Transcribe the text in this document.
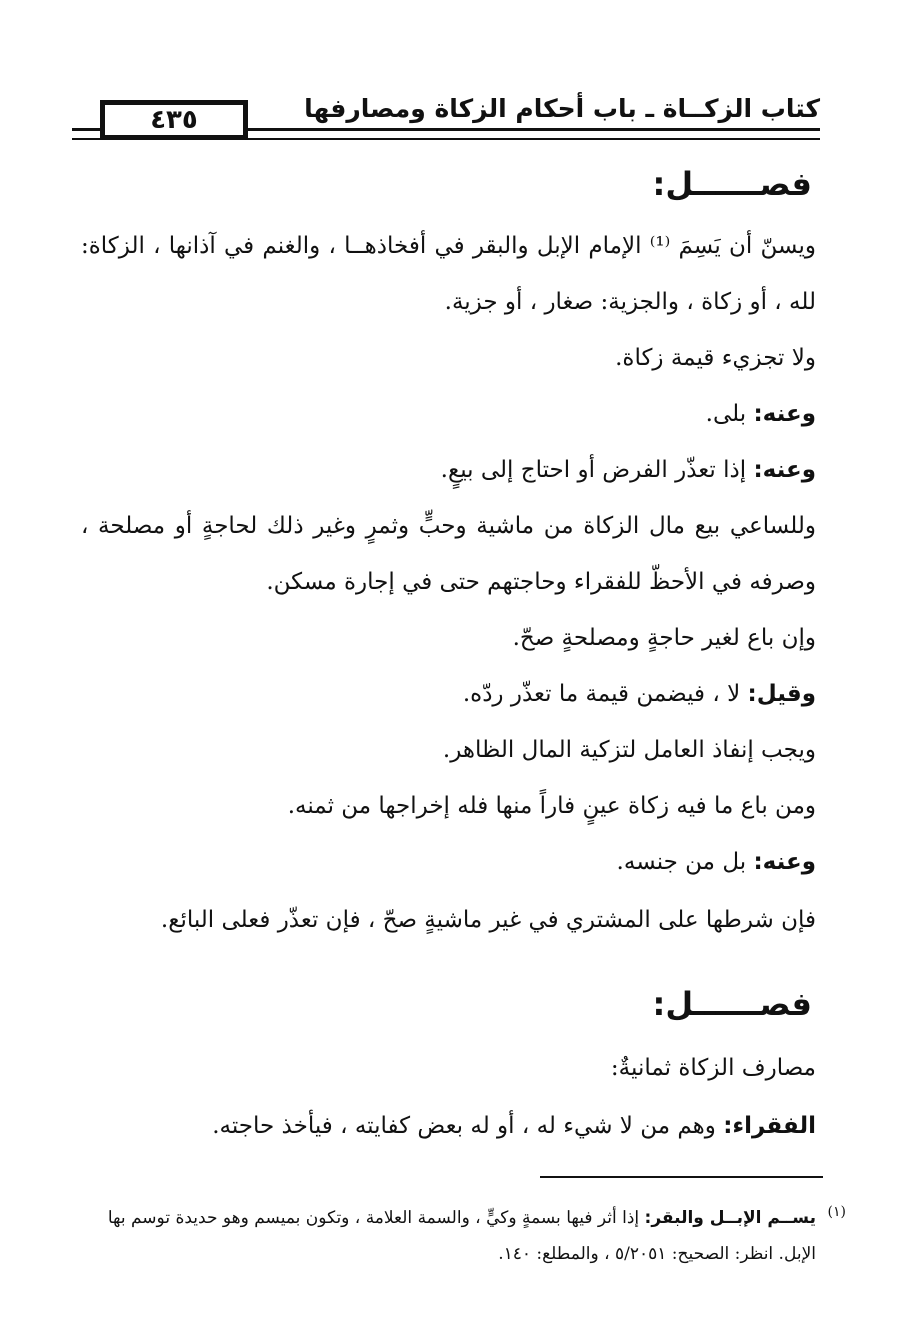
٤٣٥	كتاب الزكــاة ـ باب أحكام الزكاة ومصارفها
فصــــــل:
ويسنّ أن يَسِمَ ⁽¹⁾ الإمام الإبل والبقر في أفخاذهــا ، والغنم في آذانها ، الزكاة: لله ، أو زكاة ، والجزية: صغار ، أو جزية.
ولا تجزيء قيمة زكاة.
وعنه: بلى.
وعنه: إذا تعذّر الفرض أو احتاج إلى بيعٍ.
وللساعي بيع مال الزكاة من ماشية وحبٍّ وثمرٍ وغير ذلك لحاجةٍ أو مصلحة ، وصرفه في الأحظّ للفقراء وحاجتهم حتى في إجارة مسكن.
وإن باع لغير حاجةٍ ومصلحةٍ صحّ.
وقيل: لا ، فيضمن قيمة ما تعذّر ردّه.
ويجب إنفاذ العامل لتزكية المال الظاهر.
ومن باع ما فيه زكاة عينٍ فاراً منها فله إخراجها من ثمنه.
وعنه: بل من جنسه.
فإن شرطها على المشتري في غير ماشيةٍ صحّ ، فإن تعذّر فعلى البائع.
فصــــــل:
مصارف الزكاة ثمانيةٌ:
الفقراء: وهم من لا شيء له ، أو له بعض كفايته ، فيأخذ حاجته.
(١)
يســم الإبــل والبقر: إذا أثر فيها بسمةٍ وكيٍّ ، والسمة العلامة ، وتكون بميسم وهو حديدة توسم بها الإبل. انظر: الصحيح: ٥/٢٠٥١ ، والمطلع: ١٤٠.
